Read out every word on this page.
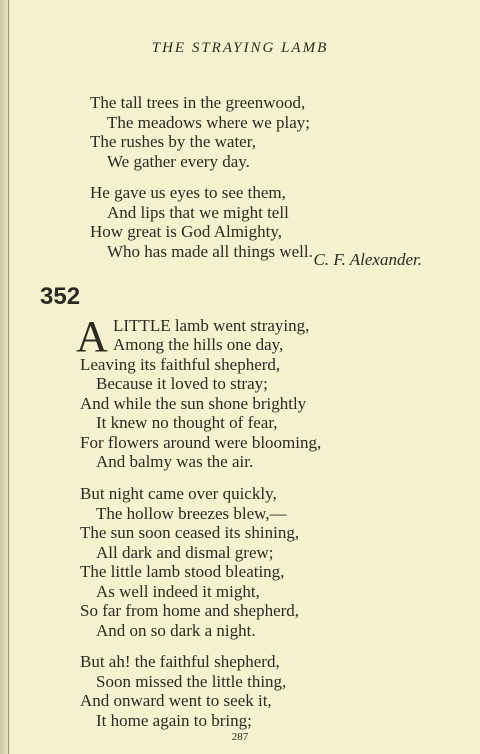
THE STRAYING LAMB
The tall trees in the greenwood,
The meadows where we play;
The rushes by the water,
We gather every day.
He gave us eyes to see them,
And lips that we might tell
How great is God Almighty,
Who has made all things well. C. F. Alexander.
352
A LITTLE lamb went straying,
Among the hills one day,
Leaving its faithful shepherd,
Because it loved to stray;
And while the sun shone brightly
It knew no thought of fear,
For flowers around were blooming,
And balmy was the air.
But night came over quickly,
The hollow breezes blew,—
The sun soon ceased its shining,
All dark and dismal grew;
The little lamb stood bleating,
As well indeed it might,
So far from home and shepherd,
And on so dark a night.
But ah! the faithful shepherd,
Soon missed the little thing,
And onward went to seek it,
It home again to bring;
287
